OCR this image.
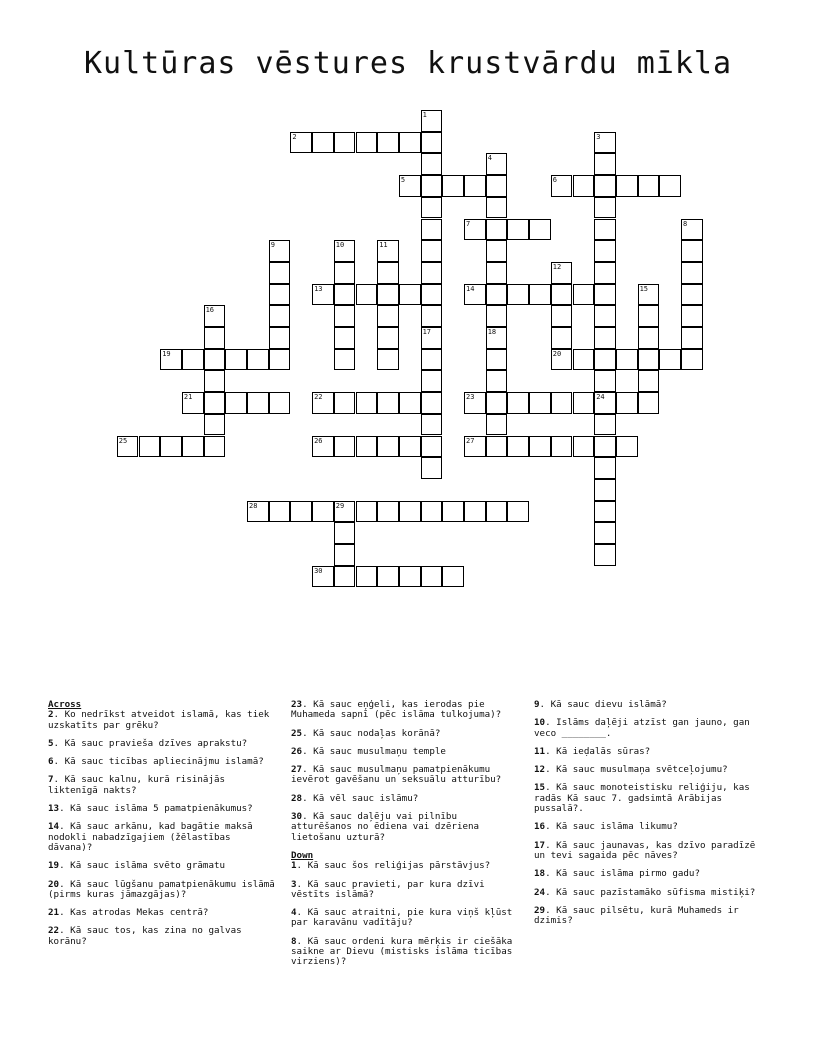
Kultūras vēstures krustvārdu mīkla
1
17
2	3
24
4
5	6
7	8
9	10	11
12
20
13	14	15
16
18
19
21	22	23
25	26	27
28	29
30
Across
2. Ko nedrīkst atveidot islamā, kas tiek uzskatīts par grēku?
5. Kā sauc pravieša dzīves aprakstu?
6. Kā sauc ticības apliecinājmu islamā?
7. Kā sauc kalnu, kurā risinājās liktenīgā nakts?
13. Kā sauc islāma 5 pamatpienākumus?
14. Kā sauc arkānu, kad bagātie maksā nodokli nabadzīgajiem (žēlastības dāvana)?
19. Kā sauc islāma svēto grāmatu
20. Kā sauc lūgšanu pamatpienākumu islāmā (pirms kuras jāmazgājas)?
21. Kas atrodas Mekas centrā?
22. Kā sauc tos, kas zina no galvas korānu?
23. Kā sauc eņģeli, kas ierodas pie Muhameda sapnī (pēc islāma tulkojuma)?
25. Kā sauc nodaļas korānā?
26. Kā sauc musulmaņu temple
27. Kā sauc musulmaņu pamatpienākumu ievērot gavēšanu un seksuālu atturību?
28. Kā vēl sauc islāmu?
30. Kā sauc daļēju vai pilnību atturēšanos no ēdiena vai dzēriena lietošanu uzturā?
Down
1. Kā sauc šos reliģijas pārstāvjus?
3. Kā sauc pravieti, par kura dzīvi vēstīts islāmā?
4. Kā sauc atraitni, pie kura viņš kļūst par karavānu vadītāju?
8. Kā sauc ordeni kura mērķis ir ciešāka saikne ar Dievu (mistisks islāma ticības virziens)?
9. Kā sauc dievu islāmā?
10. Islāms daļēji atzīst gan jauno, gan veco ________.
11. Kā ieḍalās sūras?
12. Kā sauc musulmaņa svētceļojumu?
15. Kā sauc monoteistisku reliģiju, kas radās Kā sauc 7. gadsimtā Arābijas pussalā?.
16. Kā sauc islāma likumu?
17. Kā sauc jaunavas, kas dzīvo paradīzē un tevi sagaida pēc nāves?
18. Kā sauc islāma pirmo gadu?
24. Kā sauc pazīstamāko sūfisma mistiķi?
29. Kā sauc pilsētu, kurā Muhameds ir dzimis?
